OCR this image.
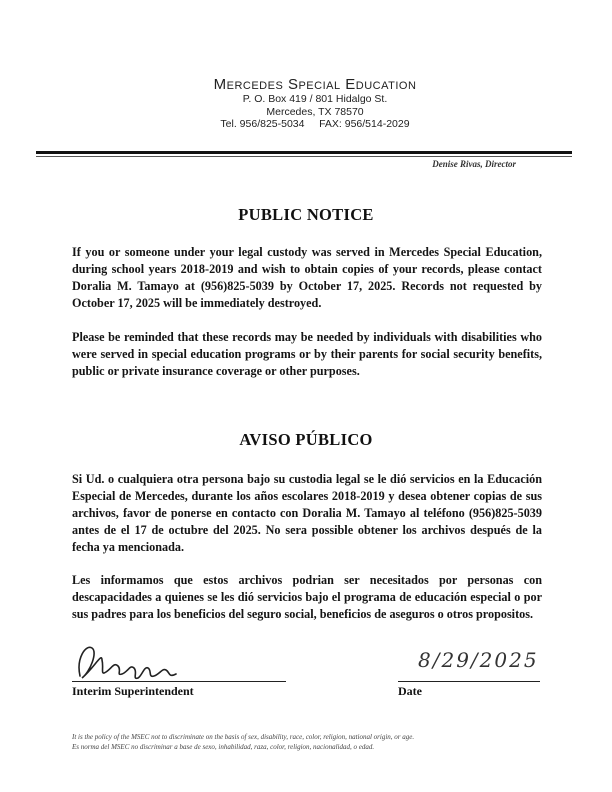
Mercedes Special Education
P. O. Box 419 / 801 Hidalgo St.
Mercedes, TX 78570
Tel. 956/825-5034     FAX: 956/514-2029
Denise Rivas, Director
PUBLIC NOTICE
If you or someone under your legal custody was served in Mercedes Special Education, during school years 2018-2019 and wish to obtain copies of your records, please contact Doralia M. Tamayo at (956)825-5039 by October 17, 2025. Records not requested by October 17, 2025 will be immediately destroyed.
Please be reminded that these records may be needed by individuals with disabilities who were served in special education programs or by their parents for social security benefits, public or private insurance coverage or other purposes.
AVISO PÚBLICO
Si Ud. o cualquiera otra persona bajo su custodia legal se le dió servicios en la Educación Especial de Mercedes, durante los años escolares 2018-2019 y desea obtener copias de sus archivos, favor de ponerse en contacto con Doralia M. Tamayo al teléfono (956)825-5039 antes de el 17 de octubre del 2025. No sera possible obtener los archivos después de la fecha ya mencionada.
Les informamos que estos archivos podrian ser necesitados por personas con descapacidades a quienes se les dió servicios bajo el programa de educación especial o por sus padres para los beneficios del seguro social, beneficios de aseguros o otros propositos.
Interim Superintendent
8/29/2025
Date
It is the policy of the MSEC not to discriminate on the basis of sex, disability, race, color, religion, national origin, or age.
Es norma del MSEC no discriminar a base de sexo, inhabilidad, raza, color, religion, nacionalidad, o edad.
